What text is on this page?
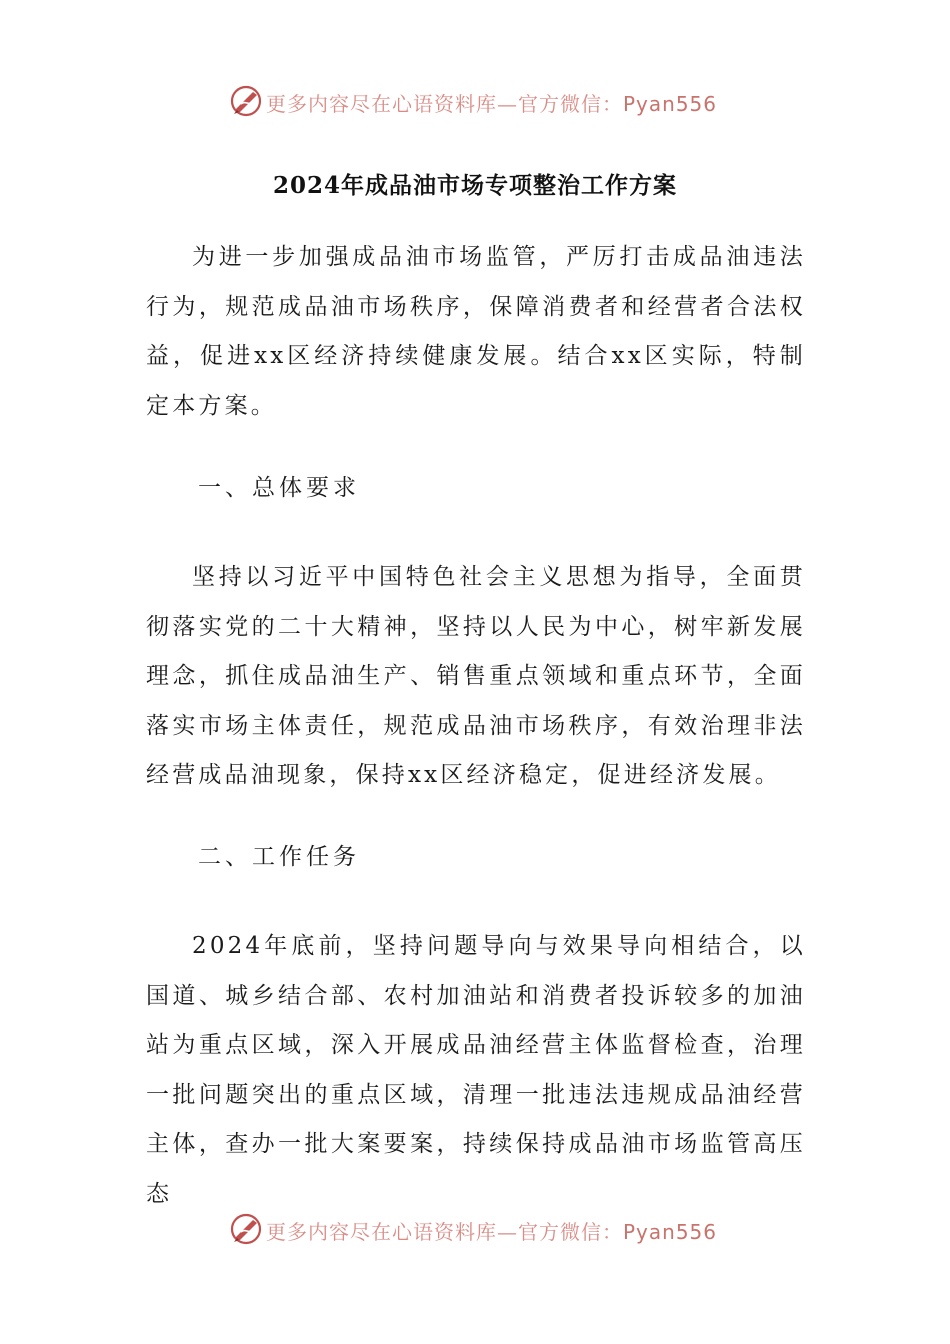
更多内容尽在心语资料库—官方微信：Pyan556
2024年成品油市场专项整治工作方案

为进一步加强成品油市场监管，严厉打击成品油违法行为，规范成品油市场秩序，保障消费者和经营者合法权益，促进xx区经济持续健康发展。结合xx区实际，特制定本方案。

一、总体要求

坚持以习近平中国特色社会主义思想为指导，全面贯彻落实党的二十大精神，坚持以人民为中心，树牢新发展理念，抓住成品油生产、销售重点领域和重点环节，全面落实市场主体责任，规范成品油市场秩序，有效治理非法经营成品油现象，保持xx区经济稳定，促进经济发展。

二、工作任务

2024年底前，坚持问题导向与效果导向相结合，以国道、城乡结合部、农村加油站和消费者投诉较多的加油站为重点区域，深入开展成品油经营主体监督检查，治理一批问题突出的重点区域，清理一批违法违规成品油经营主体，查办一批大案要案，持续保持成品油市场监管高压态

更多内容尽在心语资料库—官方微信：Pyan556
